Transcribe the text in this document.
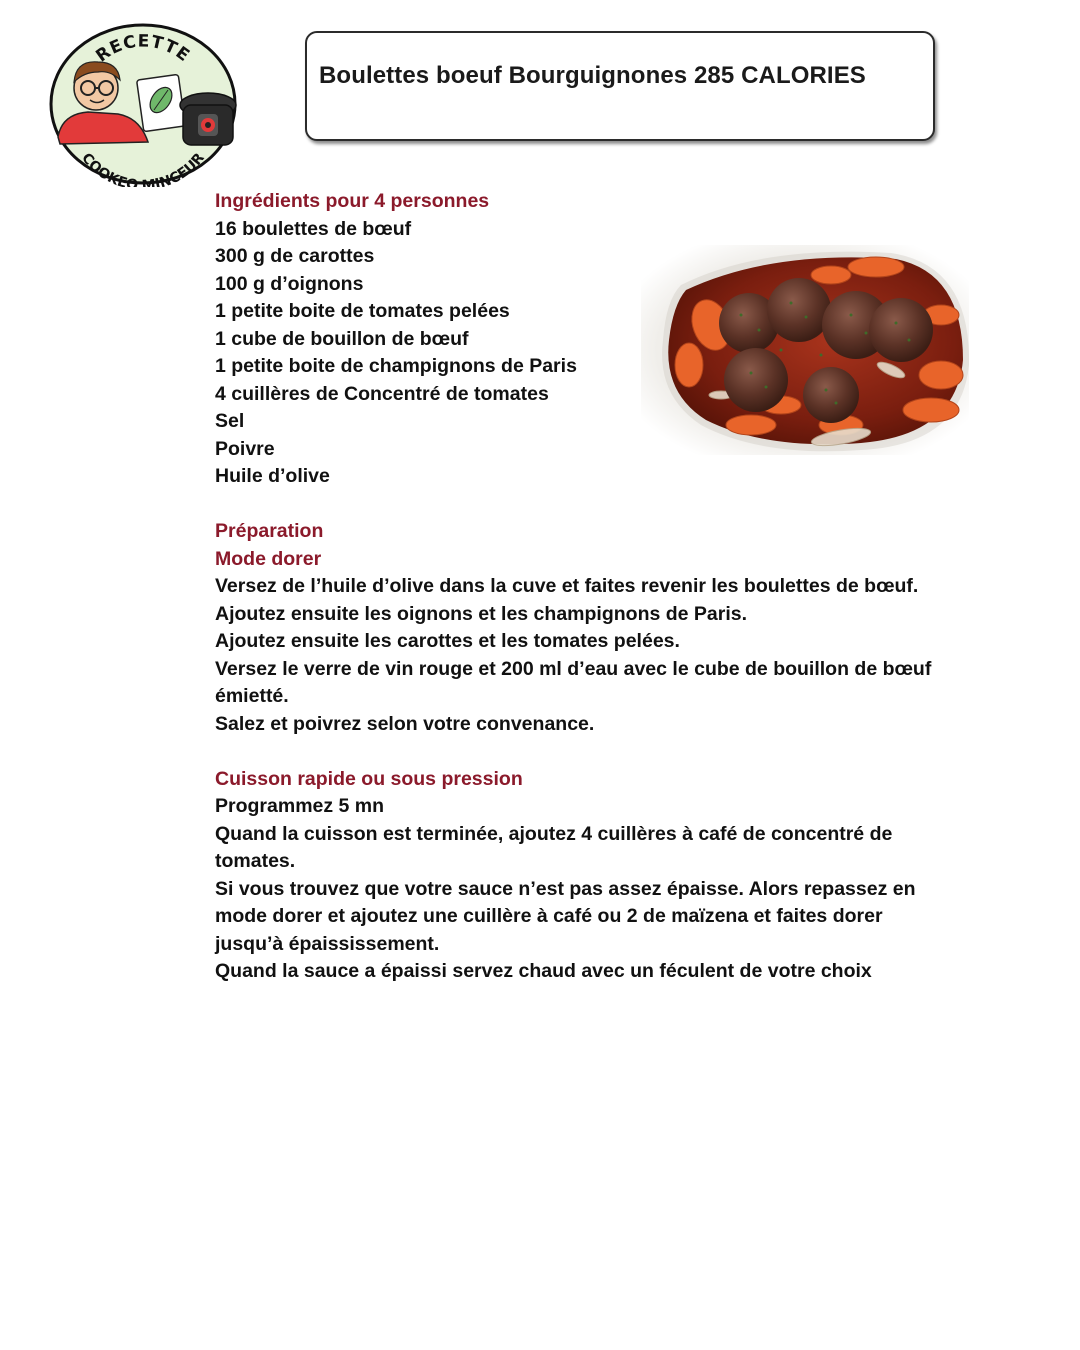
RECETTE
COOKEO MINCEUR
Boulettes boeuf Bourguignones 285 CALORIES

Ingrédients pour 4 personnes

16 boulettes de bœuf

300 g de carottes

100 g d’oignons

1 petite boite de tomates pelées

1 cube de bouillon de bœuf

1 petite boite de champignons de Paris

4 cuillères de Concentré de tomates

Sel

Poivre

Huile d’olive

Préparation

Mode dorer

Versez de l’huile d’olive dans la cuve et faites revenir les boulettes de bœuf.

Ajoutez ensuite les oignons et les champignons de Paris.

Ajoutez ensuite les carottes et les tomates pelées.

Versez le verre de vin rouge et 200 ml d’eau avec le cube de bouillon de bœuf

émietté.

Salez et poivrez selon votre convenance.

Cuisson rapide ou sous pression

Programmez 5 mn

Quand la cuisson est terminée, ajoutez 4 cuillères à café de concentré de

tomates.

Si vous trouvez que votre sauce n’est pas assez épaisse. Alors repassez en

mode dorer et ajoutez une cuillère à café ou 2 de maïzena et faites dorer

jusqu’à épaississement.

Quand la sauce a épaissi servez chaud avec un féculent de votre choix
